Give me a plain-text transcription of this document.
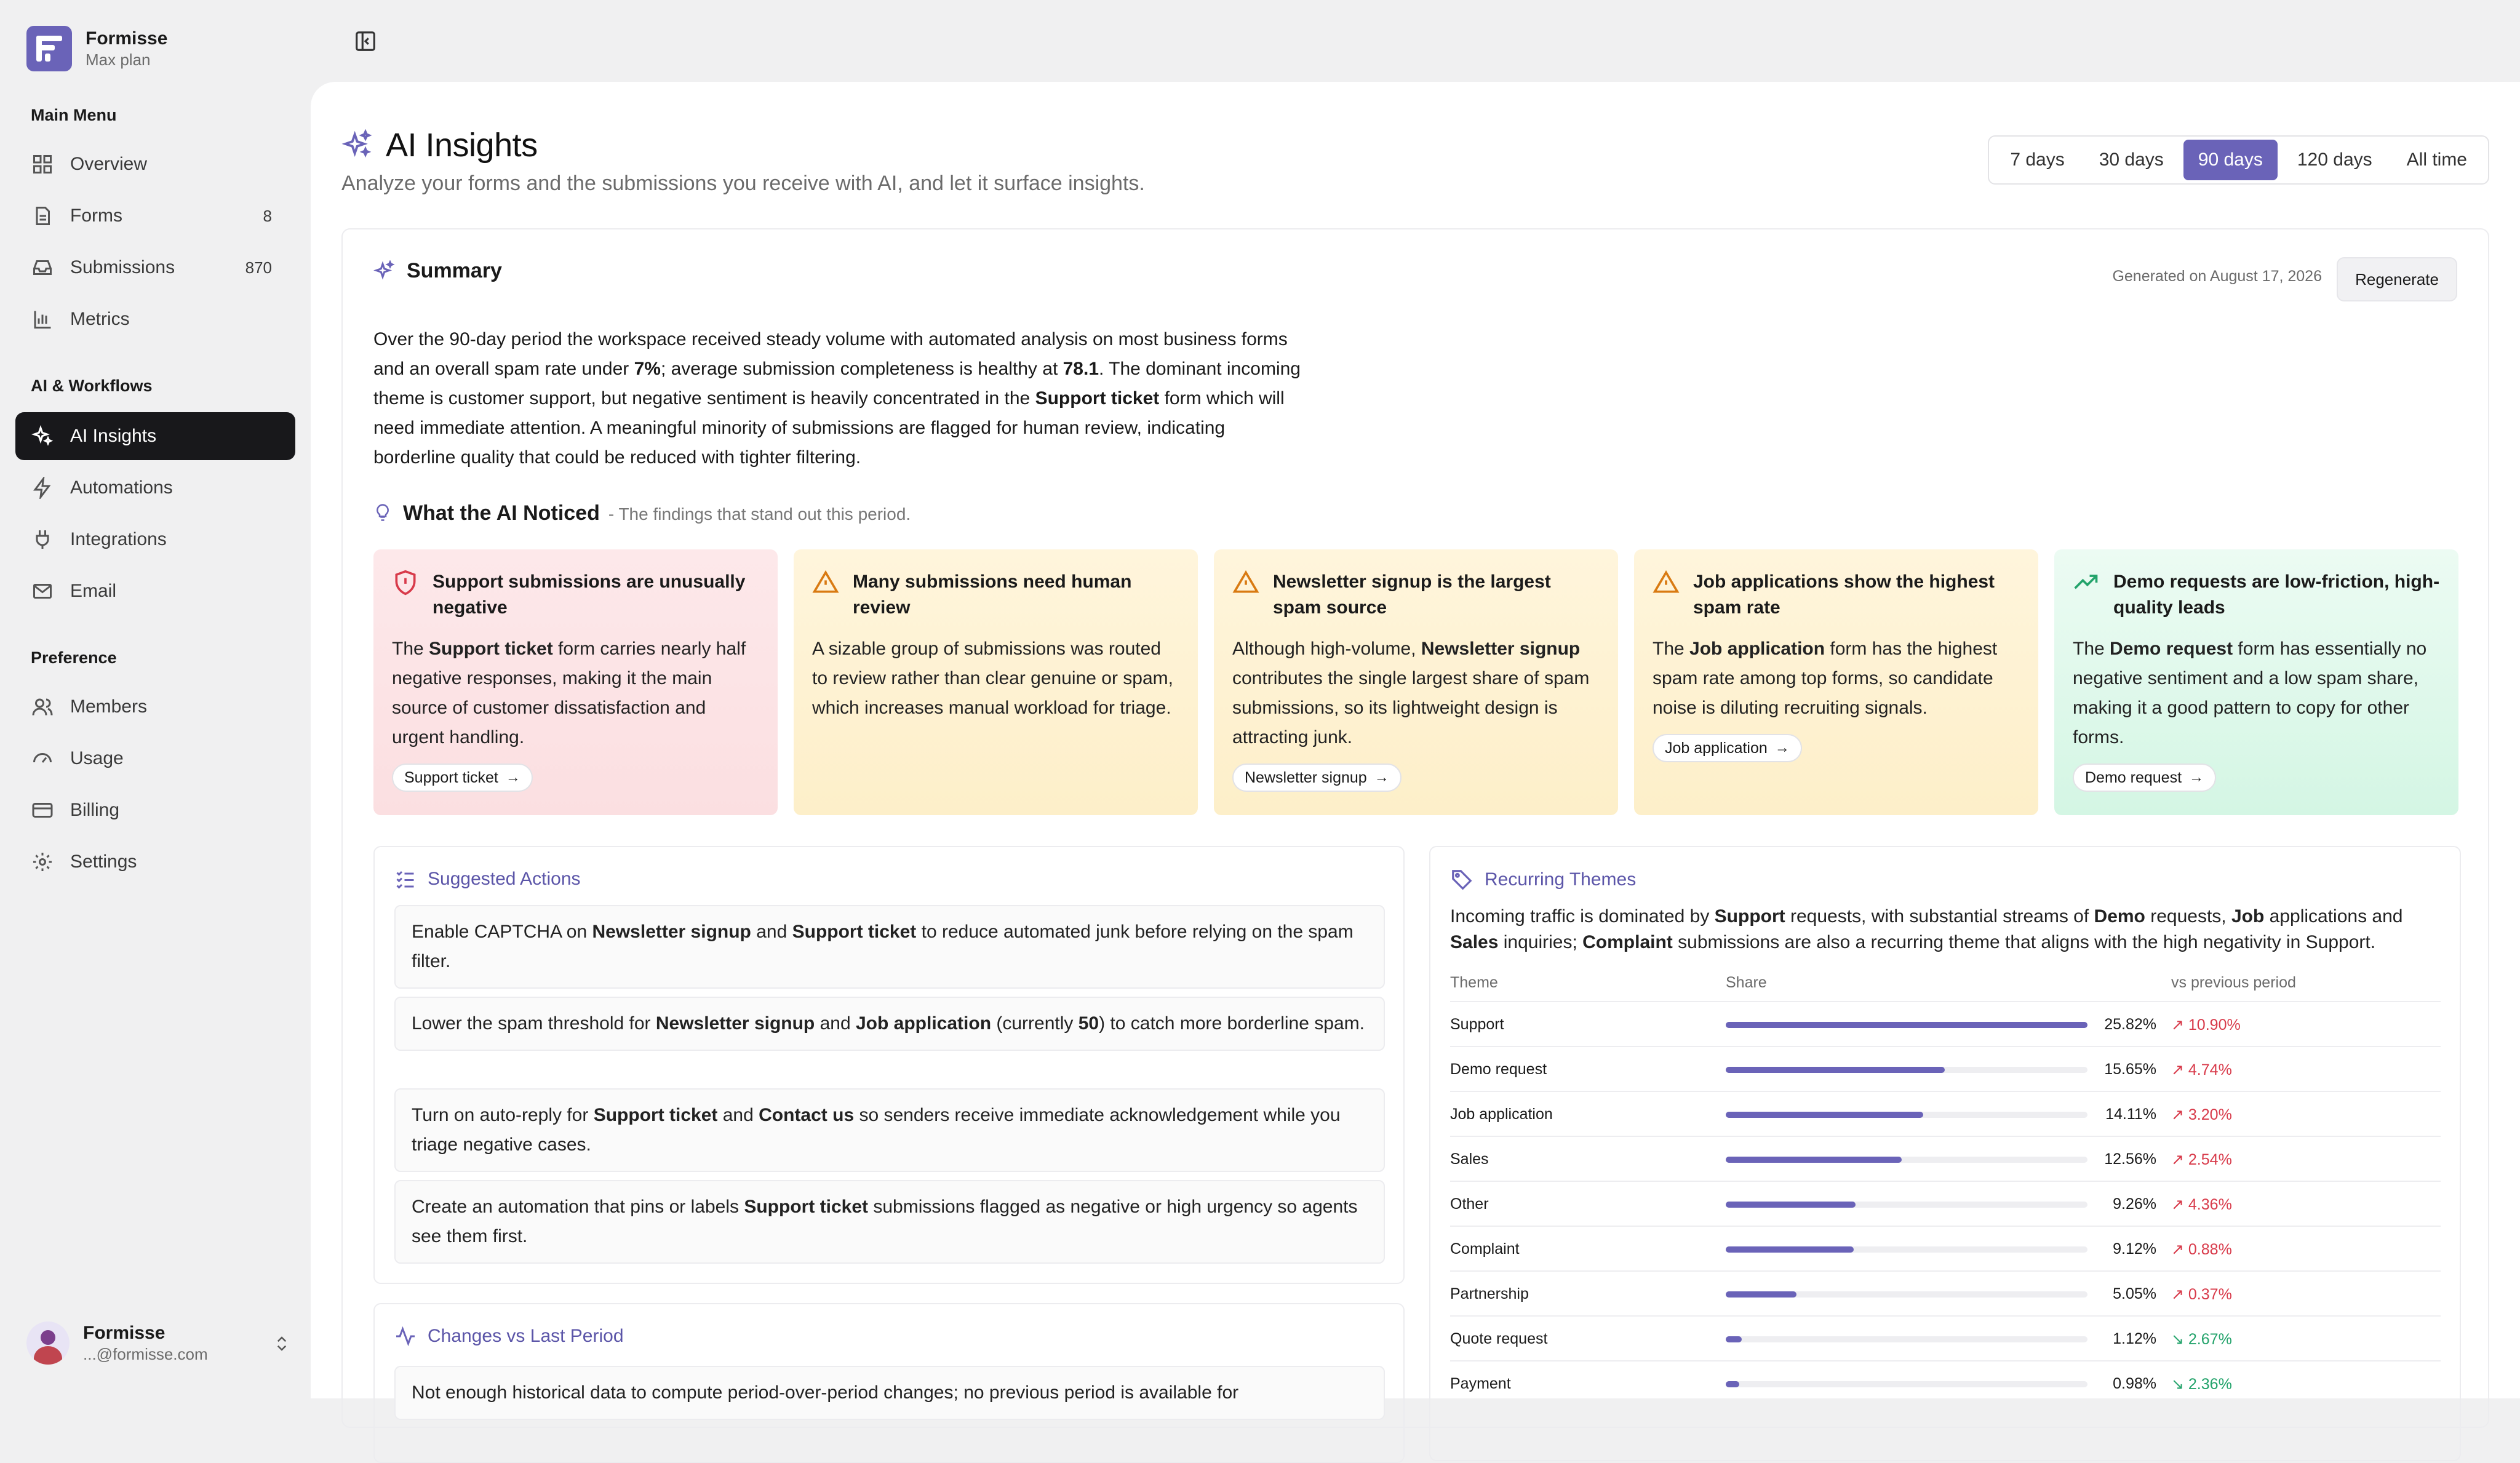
Formisse
Max plan
Main Menu
Overview
Forms	8
Submissions	870
Metrics
AI & Workflows
AI Insights
Automations
Integrations
Email
Preference
Members
Usage
Billing
Settings
Formisse
...@formisse.com
AI Insights
Analyze your forms and the submissions you receive with AI, and let it surface insights.
7 days	30 days	90 days	120 days	All time
Summary	Generated on August 17, 2026	Regenerate
Over the 90-day period the workspace received steady volume with automated analysis on most business forms and an overall spam rate under 7%; average submission completeness is healthy at 78.1. The dominant incoming theme is customer support, but negative sentiment is heavily concentrated in the Support ticket form which will need immediate attention. A meaningful minority of submissions are flagged for human review, indicating borderline quality that could be reduced with tighter filtering.
What the AI Noticed - The findings that stand out this period.
Support submissions are unusually negative
The Support ticket form carries nearly half negative responses, making it the main source of customer dissatisfaction and urgent handling.
Support ticket →
Many submissions need human review
A sizable group of submissions was routed to review rather than clear genuine or spam, which increases manual workload for triage.
Newsletter signup is the largest spam source
Although high-volume, Newsletter signup contributes the single largest share of spam submissions, so its lightweight design is attracting junk.
Newsletter signup →
Job applications show the highest spam rate
The Job application form has the highest spam rate among top forms, so candidate noise is diluting recruiting signals.
Job application →
Demo requests are low-friction, high-quality leads
The Demo request form has essentially no negative sentiment and a low spam share, making it a good pattern to copy for other forms.
Demo request →
Suggested Actions
Enable CAPTCHA on Newsletter signup and Support ticket to reduce automated junk before relying on the spam filter.
Lower the spam threshold for Newsletter signup and Job application (currently 50) to catch more borderline spam.
Turn on auto-reply for Support ticket and Contact us so senders receive immediate acknowledgement while you triage negative cases.
Create an automation that pins or labels Support ticket submissions flagged as negative or high urgency so agents see them first.
Changes vs Last Period
Not enough historical data to compute period-over-period changes; no previous period is available for
Recurring Themes
Incoming traffic is dominated by Support requests, with substantial streams of Demo requests, Job applications and Sales inquiries; Complaint submissions are also a recurring theme that aligns with the high negativity in Support.
Theme	Share	vs previous period
Support	25.82% ↗ 10.90%
Demo request	15.65% ↗ 4.74%
Job application	14.11% ↗ 3.20%
Sales	12.56% ↗ 2.54%
Other	9.26% ↗ 4.36%
Complaint	9.12% ↗ 0.88%
Partnership	5.05% ↗ 0.37%
Quote request	1.12% ↘ 2.67%
Payment	0.98% ↘ 2.36%
